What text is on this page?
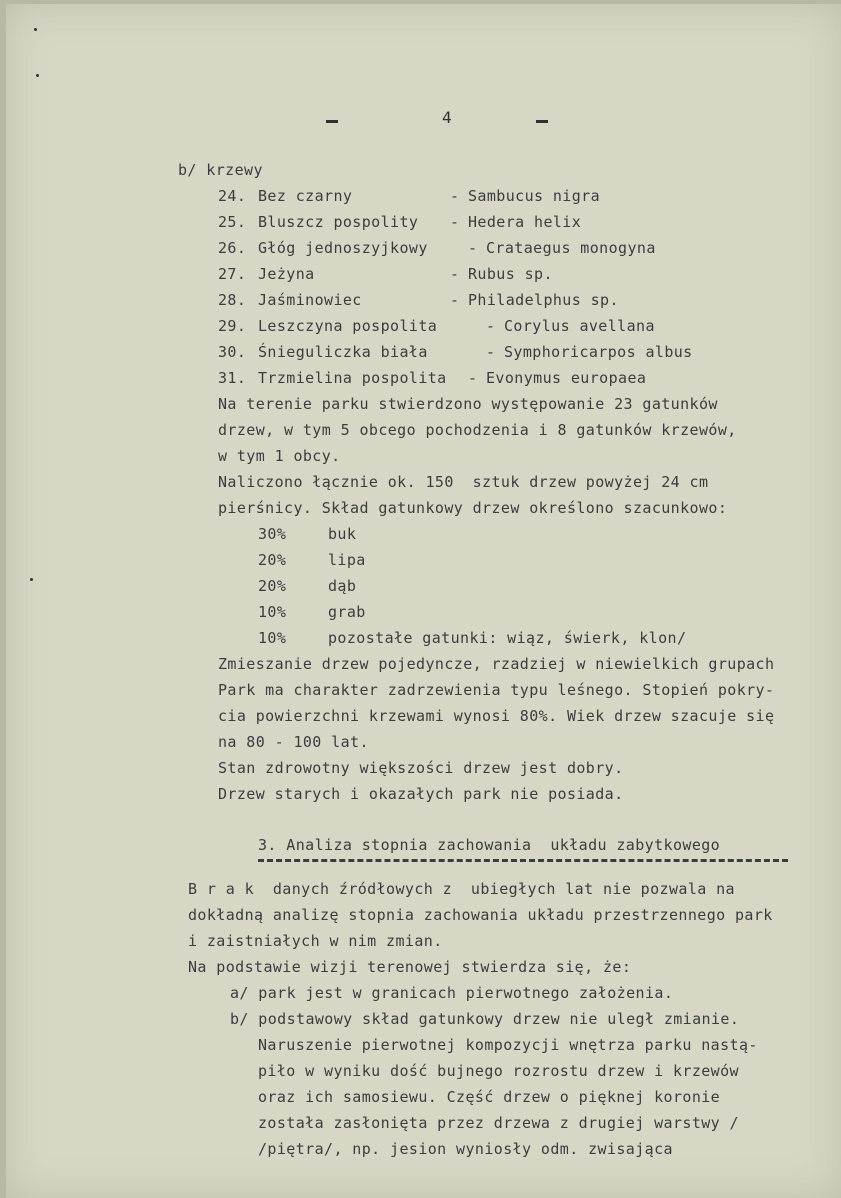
4
b/ krzewy
24. Bez czarny	- Sambucus nigra
25. Bluszcz pospolity - Hedera helix
26. Głóg jednoszyjkowy	- Crataegus monogyna
27. Jeżyna	- Rubus sp.
28. Jaśminowiec	- Philadelphus sp.
29. Leszczyna pospolita	- Corylus avellana
30. Śnieguliczka biała	- Symphoricarpos albus
31. Trzmielina pospolita - Evonymus europaea
Na terenie parku stwierdzono występowanie 23 gatunków
drzew, w tym 5 obcego pochodzenia i 8 gatunków krzewów,
w tym 1 obcy.
Naliczono łącznie ok. 150  sztuk drzew powyżej 24 cm
pierśnicy. Skład gatunkowy drzew określono szacunkowo:
30%	buk
20%	lipa
20%	dąb
10%	grab
10%	pozostałe gatunki: wiąz, świerk, klon/
Zmieszanie drzew pojedyncze, rzadziej w niewielkich grupach
Park ma charakter zadrzewienia typu leśnego. Stopień pokry-
cia powierzchni krzewami wynosi 80%. Wiek drzew szacuje się
na 80 - 100 lat.
Stan zdrowotny większości drzew jest dobry.
Drzew starych i okazałych park nie posiada.
3. Analiza stopnia zachowania  układu zabytkowego
B r a k  danych źródłowych z  ubiegłych lat nie pozwala na
dokładną analizę stopnia zachowania układu przestrzennego park
i zaistniałych w nim zmian.
Na podstawie wizji terenowej stwierdza się, że:
a/ park jest w granicach pierwotnego założenia.
b/ podstawowy skład gatunkowy drzew nie uległ zmianie.
Naruszenie pierwotnej kompozycji wnętrza parku nastą-
piło w wyniku dość bujnego rozrostu drzew i krzewów
oraz ich samosiewu. Część drzew o pięknej koronie
została zasłonięta przez drzewa z drugiej warstwy /
/piętra/, np. jesion wyniosły odm. zwisająca
